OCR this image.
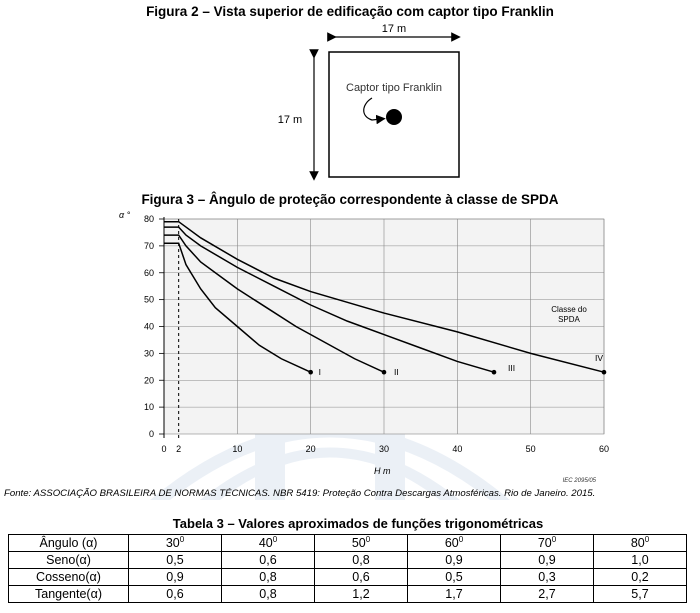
Figura 2 – Vista superior de edificação com captor tipo Franklin
17 m
17 m
Captor tipo Franklin
Figura 3 – Ângulo de proteção correspondente à classe de SPDA
0
10
20
30
40
50
60
70
80
0 2	10	20	30	40	50	60
I	II	III
IV
α °
H m
IEC 2095/05
Classe do SPDA
Fonte: ASSOCIAÇÃO BRASILEIRA DE NORMAS TÉCNICAS. NBR 5419: Proteção Contra Descargas Atmosféricas. Rio de Janeiro. 2015.
Tabela 3 – Valores aproximados de funções trigonométricas
Ângulo (α)	$30^0$	$40^0$	$50^0$	$60^0$	$70^0$	$80^0$
Seno(α)	0,5	0,6	0,8	0,9	0,9	1,0
Cosseno(α)	0,9	0,8	0,6	0,5	0,3	0,2
Tangente(α)	0,6	0,8	1,2	1,7	2,7	5,7
